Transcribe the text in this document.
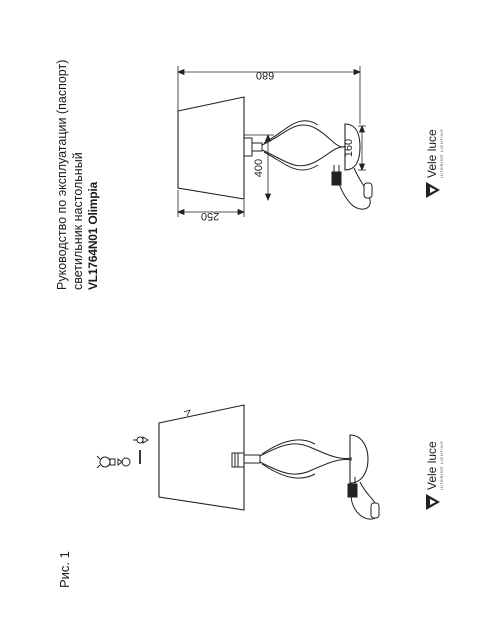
Руководство по эксплуатации (паспорт) светильник настольный VL1764N01 Olimpia
Рис. 1
680
250
400
160	Vele luce INTERIOR LIGHTING
Vele luce INTERIOR LIGHTING
